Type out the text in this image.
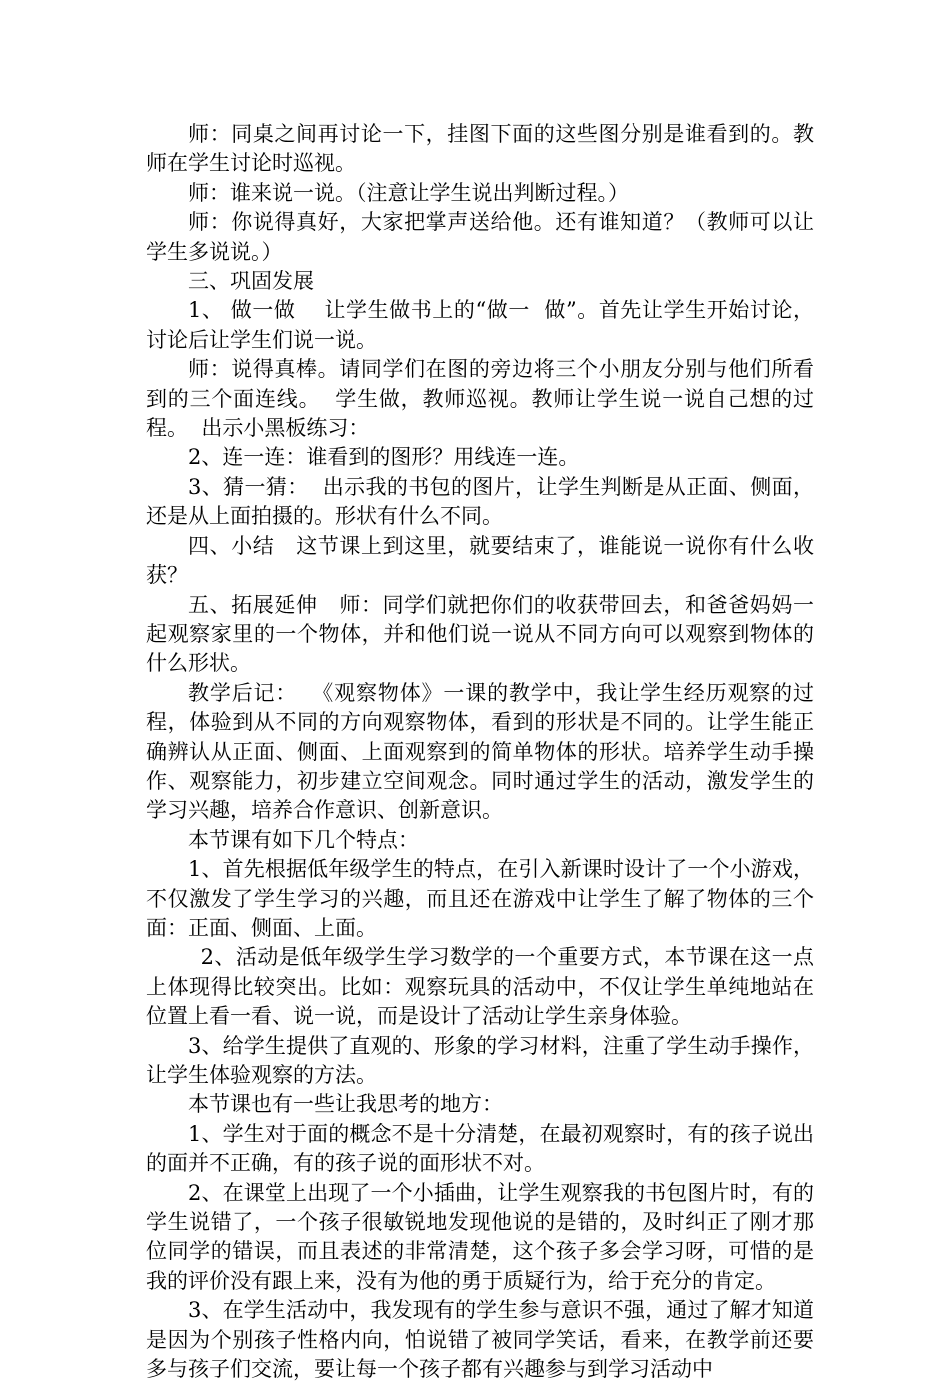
师：同桌之间再讨论一下，挂图下面的这些图分别是谁看到的。教师在学生讨论时巡视。

师：谁来说一说。（注意让学生说出判断过程。）

师：你说得真好，大家把掌声送给他。还有谁知道？（教师可以让学生多说说。）

三、巩固发展

1、 做一做    让学生做书上的“做一  做”。首先让学生开始讨论，讨论后让学生们说一说。

师：说得真棒。请同学们在图的旁边将三个小朋友分别与他们所看到的三个面连线。  学生做，教师巡视。教师让学生说一说自己想的过程。  出示小黑板练习：

2、连一连：谁看到的图形？用线连一连。

3、猜一猜：  出示我的书包的图片，让学生判断是从正面、侧面，还是从上面拍摄的。形状有什么不同。

四、小结   这节课上到这里，就要结束了，谁能说一说你有什么收获？

五、拓展延伸   师：同学们就把你们的收获带回去，和爸爸妈妈一起观察家里的一个物体，并和他们说一说从不同方向可以观察到物体的什么形状。

教学后记：  《观察物体》一课的教学中，我让学生经历观察的过程，体验到从不同的方向观察物体，看到的形状是不同的。让学生能正确辨认从正面、侧面、上面观察到的简单物体的形状。培养学生动手操作、观察能力，初步建立空间观念。同时通过学生的活动，激发学生的学习兴趣，培养合作意识、创新意识。

本节课有如下几个特点：

1、首先根据低年级学生的特点，在引入新课时设计了一个小游戏，不仅激发了学生学习的兴趣，而且还在游戏中让学生了解了物体的三个面：正面、侧面、上面。

2、活动是低年级学生学习数学的一个重要方式，本节课在这一点上体现得比较突出。比如：观察玩具的活动中，不仅让学生单纯地站在位置上看一看、说一说，而是设计了活动让学生亲身体验。

3、给学生提供了直观的、形象的学习材料，注重了学生动手操作，让学生体验观察的方法。

本节课也有一些让我思考的地方：

1、学生对于面的概念不是十分清楚，在最初观察时，有的孩子说出的面并不正确，有的孩子说的面形状不对。

2、在课堂上出现了一个小插曲，让学生观察我的书包图片时，有的学生说错了，一个孩子很敏锐地发现他说的是错的，及时纠正了刚才那位同学的错误，而且表述的非常清楚，这个孩子多会学习呀，可惜的是我的评价没有跟上来，没有为他的勇于质疑行为，给于充分的肯定。

3、在学生活动中，我发现有的学生参与意识不强，通过了解才知道是因为个别孩子性格内向，怕说错了被同学笑话，看来，在教学前还要多与孩子们交流，要让每一个孩子都有兴趣参与到学习活动中
